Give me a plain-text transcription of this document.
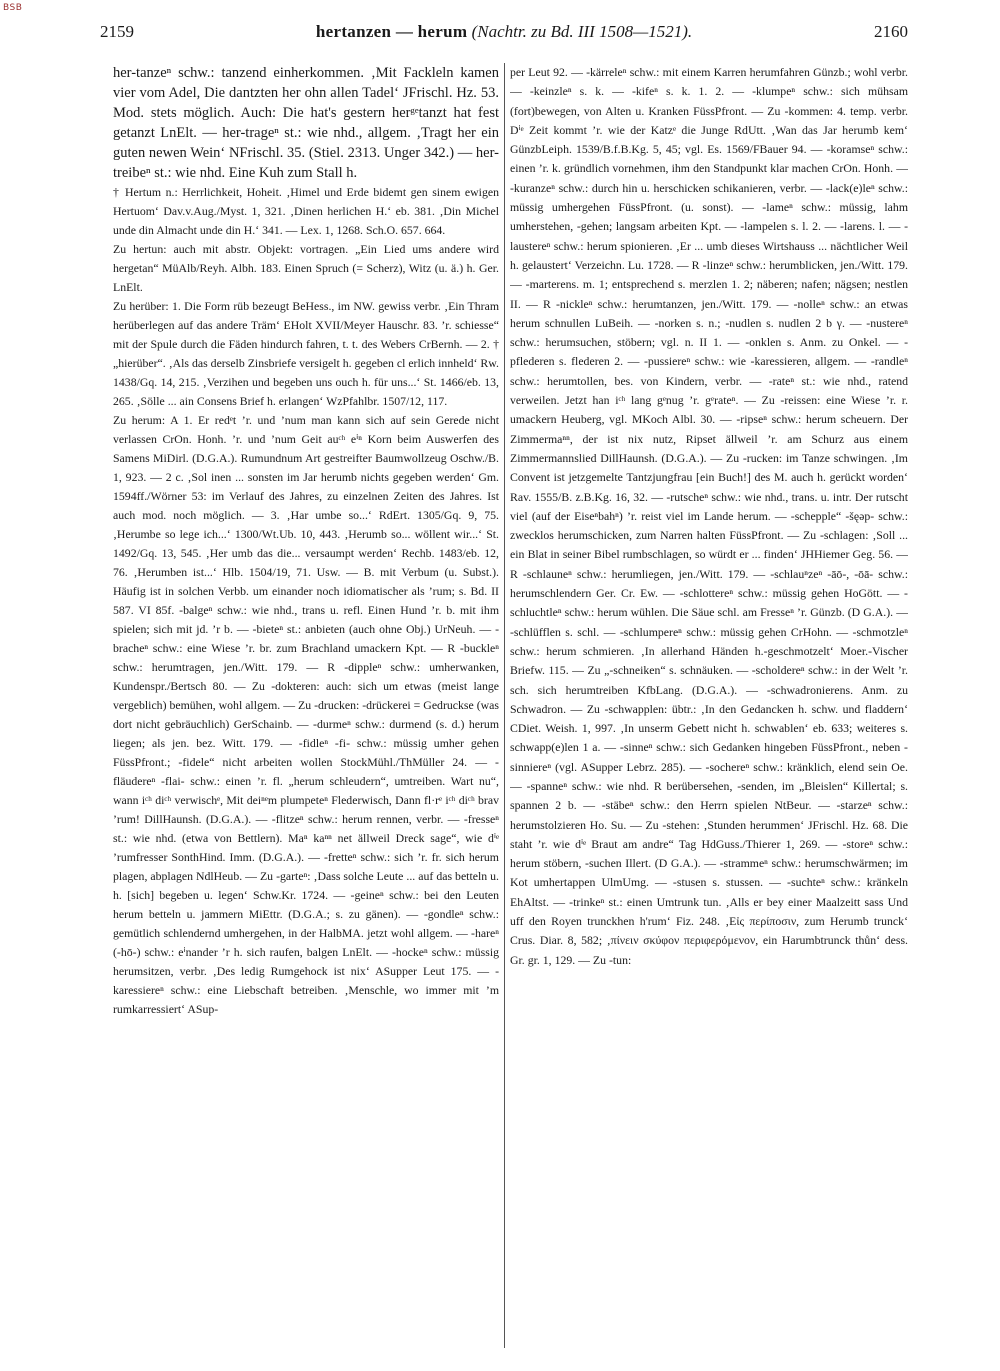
BSB
2159	hertanzen — herum (Nachtr. zu Bd. III 1508—1521).	2160

her-tanzeⁿ schw.: tanzend einherkommen. ‚Mit Fackleln kamen vier vom Adel, Die dantzten her ohn allen Tadel‘ JFrischl. Hz. 53. Mod. stets möglich. Auch: Die hat's gestern herᵍᵉtanzt hat fest getanzt LnElt. — her-trageⁿ st.: wie nhd., allgem. ‚Tragt her ein guten newen Wein‘ NFrischl. 35. (Stiel. 2313. Unger 342.) — her-treibeⁿ st.: wie nhd. Eine Kuh zum Stall h.

† Hertum n.: Herrlichkeit, Hoheit. ‚Himel und Erde bidemt gen sinem ewigen Hertuom‘ Dav.v.Aug./Myst. 1, 321. ‚Dinen herlichen H.‘ eb. 381. ‚Din Michel unde din Almacht unde din H.‘ 341. — Lex. 1, 1268. Sch.O. 657. 664.

Zu hertun: auch mit abstr. Objekt: vortragen. „Ein Lied ums andere wird hergetan“ MüAlb/Reyh. Albh. 183. Einen Spruch (= Scherz), Witz (u. ä.) h. Ger. LnElt.

Zu herüber: 1. Die Form rüb bezeugt BeHess., im NW. gewiss verbr. ‚Ein Thram herüberlegen auf das andere Träm‘ EHolt XVII/Meyer Hauschr. 83. ’r. schiesse“ mit der Spule durch die Fäden hindurch fahren, t. t. des Webers CrBernh. — 2. † „hierüber“. ‚Als das derselb Zinsbriefe versigelt h. gegeben cl erlich innheld‘ Rw. 1438/Gq. 14, 215. ‚Verzihen und begeben uns ouch h. für uns...‘ St. 1466/eb. 13, 265. ‚Sölle ... ain Consens Brief h. erlangen‘ WzPfahlbr. 1507/12, 117.

Zu herum: A 1. Er redᵉt ’r. und ’num man kann sich auf sein Gerede nicht verlassen CrOn. Honh. ’r. und ’num Geit auᶜʰ eⁱⁿ Korn beim Auswerfen des Samens MiDirl. (D.G.A.). Rumundnum Art gestreifter Baumwollzeug Oschw./B. 1, 923. — 2 c. ‚Sol inen ... sonsten im Jar herumb nichts gegeben werden‘ Gm. 1594ff./Wörner 53: im Verlauf des Jahres, zu einzelnen Zeiten des Jahres. Ist auch mod. noch möglich. — 3. ‚Har umbe so...‘ RdErt. 1305/Gq. 9, 75. ‚Herumbe so lege ich...‘ 1300/Wt.Ub. 10, 443. ‚Herumb so... wöllent wir...‘ St. 1492/Gq. 13, 545. ‚Her umb das die... versaumpt werden‘ Rechb. 1483/eb. 12, 76. ‚Herumben ist...‘ Hlb. 1504/19, 71. Usw. — B. mit Verbum (u. Subst.). Häufig ist in solchen Verbb. um einander noch idiomatischer als ’rum; s. Bd. II 587. VI 85f. -balgeⁿ schw.: wie nhd., trans u. refl. Einen Hund ’r. b. mit ihm spielen; sich mit jd. ’r b. — -bieteⁿ st.: anbieten (auch ohne Obj.) UrNeuh. — -bracheⁿ schw.: eine Wiese ’r. br. zum Brachland umackern Kpt. — R -buckleⁿ schw.: herumtragen, jen./Witt. 179. — R -dippleⁿ schw.: umherwanken, Kundenspr./Bertsch 80. — Zu -dokteren: auch: sich um etwas (meist lange vergeblich) bemühen, wohl allgem. — Zu -drucken: -drückerei = Gedruckse (was dort nicht gebräuchlich) GerSchainb. — -durmeⁿ schw.: durmend (s. d.) herum liegen; als jen. bez. Witt. 179. — -fidleⁿ -fi- schw.: müssig umher gehen FüssPfront.; -fidele“ nicht arbeiten wollen StockMühl./ThMüller 24. — -fläudereⁿ -flai- schw.: einen ’r. fl. „herum schleudern“, umtreiben. Wart nu“, wann iᶜʰ diᶜʰ verwischᵉ, Mit deiⁿᵉm plumpeteⁿ Flederwisch, Dann fl·rᵉ iᶜʰ diᶜʰ brav ’rum! DillHaunsh. (D.G.A.). — -flitzeⁿ schw.: herum rennen, verbr. — -fresseⁿ st.: wie nhd. (etwa von Bettlern). Maⁿ kaⁿⁿ net ällweil Dreck sage“, wie dⁱᵉ ’rumfresser SonthHind. Imm. (D.G.A.). — -fretteⁿ schw.: sich ’r. fr. sich herum plagen, abplagen NdlHeub. — Zu -garteⁿ: ‚Dass solche Leute ... auf das betteln u. h. [sich] begeben u. legen‘ Schw.Kr. 1724. — -geineⁿ schw.: bei den Leuten herum betteln u. jammern MiEttr. (D.G.A.; s. zu gänen). — -gondleⁿ schw.: gemütlich schlendernd umhergehen, in der HalbMA. jetzt wohl allgem. — -hareⁿ (-hō-) schw.: eⁱnander ’r h. sich raufen, balgen LnElt. — -hockeⁿ schw.: müssig herumsitzen, verbr. ‚Des ledig Rumgehock ist nix‘ ASupper Leut 175. — -karessiereⁿ schw.: eine Liebschaft betreiben. ‚Menschle, wo immer mit ’m rumkarressiert‘ ASup-

per Leut 92. — -kärreleⁿ schw.: mit einem Karren herumfahren Günzb.; wohl verbr. — -keinzleⁿ s. k. — -kifeⁿ s. k. 1. 2. — -klumpeⁿ schw.: sich mühsam (fort)bewegen, von Alten u. Kranken FüssPfront. — Zu -kommen: 4. temp. verbr. Dⁱᵉ Zeit kommt ’r. wie der Katzᵉ die Junge RdUtt. ‚Wan das Jar herumb kem‘ GünzbLeiph. 1539/B.f.B.Kg. 5, 45; vgl. Es. 1569/FBauer 94. — -koramseⁿ schw.: einen ’r. k. gründlich vornehmen, ihm den Standpunkt klar machen CrOn. Honh. — -kuranzeⁿ schw.: durch hin u. herschicken schikanieren, verbr. — -lack(e)leⁿ schw.: müssig umhergehen FüssPfront. (u. sonst). — -lameⁿ schw.: müssig, lahm umherstehen, -gehen; langsam arbeiten Kpt. — -lampelen s. l. 2. — -larens. l. — -laustereⁿ schw.: herum spionieren. ‚Er ... umb dieses Wirtshauss ... nächtlicher Weil h. gelaustert‘ Verzeichn. Lu. 1728. — R -linzeⁿ schw.: herumblicken, jen./Witt. 179. — -marterens. m. 1; entsprechend s. merzlen 1. 2; näberen; nafen; nägsen; nestlen II. — R -nickleⁿ schw.: herumtanzen, jen./Witt. 179. — -nolleⁿ schw.: an etwas herum schnullen LuBeih. — -norken s. n.; -nudlen s. nudlen 2 b γ. — -nustereⁿ schw.: herumsuchen, stöbern; vgl. n. II 1. — -onklen s. Anm. zu Onkel. — -pflederen s. flederen 2. — -pussiereⁿ schw.: wie -karessieren, allgem. — -randleⁿ schw.: herumtollen, bes. von Kindern, verbr. — -rateⁿ st.: wie nhd., ratend verweilen. Jetzt han iᶜʰ lang gᵉnug ’r. gᵉrateⁿ. — Zu -reissen: eine Wiese ’r. r. umackern Heuberg, vgl. MKoch Albl. 30. — -ripseⁿ schw.: herum scheuern. Der Zimmermaⁿⁿ, der ist nix nutz, Ripset ällweil ’r. am Schurz aus einem Zimmermannslied DillHaunsh. (D.G.A.). — Zu -rucken: im Tanze schwingen. ‚Im Convent ist jetzgemelte Tantzjungfrau [ein Buch!] des M. auch h. gerückt worden‘ Rav. 1555/B. z.B.Kg. 16, 32. — -rutscheⁿ schw.: wie nhd., trans. u. intr. Der rutscht viel (auf der Eiseⁿbahⁿ) ’r. reist viel im Lande herum. — -schepple“ -šęəp- schw.: zwecklos herumschicken, zum Narren halten FüssPfront. — Zu -schlagen: ‚Soll ... ein Blat in seiner Bibel rumbschlagen, so würdt er ... finden‘ JHHiemer Geg. 56. — R -schlauneⁿ schw.: herumliegen, jen./Witt. 179. — -schlauⁿzeⁿ -āō-, -ōā- schw.: herumschlendern Ger. Cr. Ew. — -schlottereⁿ schw.: müssig gehen HoGött. — -schluchtleⁿ schw.: herum wühlen. Die Säue schl. am Fresseⁿ ’r. Günzb. (D G.A.). — -schlüfflen s. schl. — -schlumpereⁿ schw.: müssig gehen CrHohn. — -schmotzleⁿ schw.: herum schmieren. ‚In allerhand Händen h.-geschmotzelt‘ Moer.-Vischer Briefw. 115. — Zu „-schneiken“ s. schnäuken. — -scholdereⁿ schw.: in der Welt ’r. sch. sich herumtreiben KfbLang. (D.G.A.). — -schwadronierens. Anm. zu Schwadron. — Zu -schwapplen: übtr.: ‚In den Gedancken h. schw. und fladdern‘ CDiet. Weish. 1, 997. ‚In unserm Gebett nicht h. schwablen‘ eb. 633; weiteres s. schwapp(e)len 1 a. — -sinneⁿ schw.: sich Gedanken hingeben FüssPfront., neben -sinniereⁿ (vgl. ASupper Lebrz. 285). — -sochereⁿ schw.: kränklich, elend sein Oe. — -spanneⁿ schw.: wie nhd. R berübersehen, -senden, im „Bleislen“ Killertal; s. spannen 2 b. — -stäbeⁿ schw.: den Herrn spielen NtBeur. — -starzeⁿ schw.: herumstolzieren Ho. Su. — Zu -stehen: ‚Stunden herummen‘ JFrischl. Hz. 68. Die staht ’r. wie dⁱᵉ Braut am andre“ Tag HdGuss./Thierer 1, 269. — -storeⁿ schw.: herum stöbern, -suchen Illert. (D G.A.). — -strammeⁿ schw.: herumschwärmen; im Kot umhertappen UlmUmg. — -stusen s. stussen. — -suchteⁿ schw.: kränkeln EhAltst. — -trinkeⁿ st.: einen Umtrunk tun. ‚Alls er bey einer Maalzeitt sass Und uff den Royen trunckhen h'rum‘ Fiz. 248. ‚Εἰς περίποσιν, zum Herumb trunck‘ Crus. Diar. 8, 582; ‚πίνειν σκύφον περιφερόμενον, ein Harumbtrunck thůn‘ dess. Gr. gr. 1, 129. — Zu -tun:
